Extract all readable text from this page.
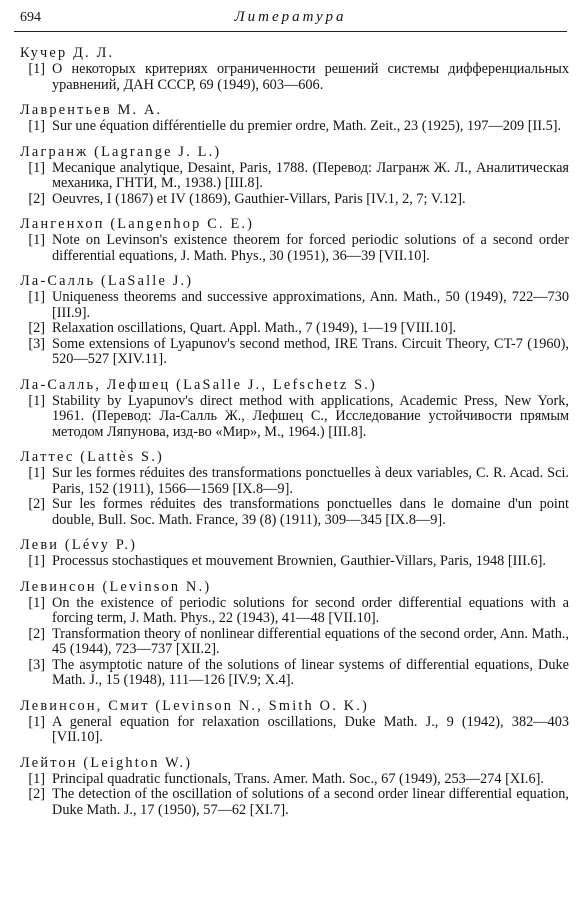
694	Литература
Кучер Д. Л.
[1] О некоторых критериях ограниченности решений системы дифференциальных уравнений, ДАН СССР, 69 (1949), 603—606.
Лаврентьев М. А.
[1] Sur une équation différentielle du premier ordre, Math. Zeit., 23 (1925), 197—209 [II.5].
Лагранж (Lagrange J. L.)
[1] Mecanique analytique, Desaint, Paris, 1788. (Перевод: Лагранж Ж. Л., Аналитическая механика, ГНТИ, М., 1938.) [III.8].
[2] Oeuvres, I (1867) et IV (1869), Gauthier-Villars, Paris [IV.1, 2, 7; V.12].
Лангенхоп (Langenhop C. E.)
[1] Note on Levinson's existence theorem for forced periodic solutions of a second order differential equations, J. Math. Phys., 30 (1951), 36—39 [VII.10].
Ла-Салль (LaSalle J.)
[1] Uniqueness theorems and successive approximations, Ann. Math., 50 (1949), 722—730 [III.9].
[2] Relaxation oscillations, Quart. Appl. Math., 7 (1949), 1—19 [VIII.10].
[3] Some extensions of Lyapunov's second method, IRE Trans. Circuit Theory, CT-7 (1960), 520—527 [XIV.11].
Ла-Салль, Лефшец (LaSalle J., Lefschetz S.)
[1] Stability by Lyapunov's direct method with applications, Academic Press, New York, 1961. (Перевод: Ла-Салль Ж., Лефшец С., Исследование устойчивости прямым методом Ляпунова, изд-во «Мир», М., 1964.) [III.8].
Латтес (Lattès S.)
[1] Sur les formes réduites des transformations ponctuelles à deux variables, C. R. Acad. Sci. Paris, 152 (1911), 1566—1569 [IX.8—9].
[2] Sur les formes réduites des transformations ponctuelles dans le domaine d'un point double, Bull. Soc. Math. France, 39 (8) (1911), 309—345 [IX.8—9].
Леви (Lévy P.)
[1] Processus stochastiques et mouvement Brownien, Gauthier-Villars, Paris, 1948 [III.6].
Левинсон (Levinson N.)
[1] On the existence of periodic solutions for second order differential equations with a forcing term, J. Math. Phys., 22 (1943), 41—48 [VII.10].
[2] Transformation theory of nonlinear differential equations of the second order, Ann. Math., 45 (1944), 723—737 [XII.2].
[3] The asymptotic nature of the solutions of linear systems of differential equations, Duke Math. J., 15 (1948), 111—126 [IV.9; X.4].
Левинсон, Смит (Levinson N., Smith O. K.)
[1] A general equation for relaxation oscillations, Duke Math. J., 9 (1942), 382—403 [VII.10].
Лейтон (Leighton W.)
[1] Principal quadratic functionals, Trans. Amer. Math. Soc., 67 (1949), 253—274 [XI.6].
[2] The detection of the oscillation of solutions of a second order linear differential equation, Duke Math. J., 17 (1950), 57—62 [XI.7].
